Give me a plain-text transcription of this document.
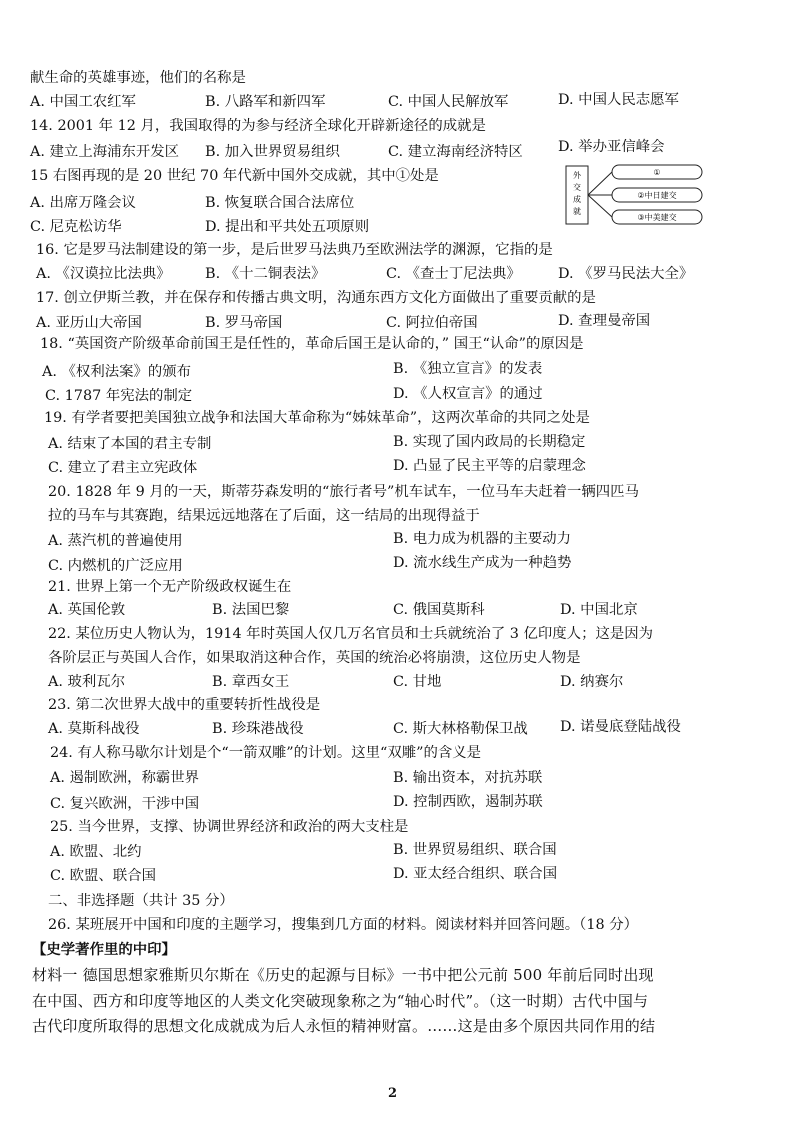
献生命的英雄事迹，他们的名称是
A. 中国工农红军	B. 八路军和新四军	C. 中国人民解放军	D. 中国人民志愿军
14. 2001 年 12 月，我国取得的为参与经济全球化开辟新途径的成就是
A. 建立上海浦东开发区 B. 加入世界贸易组织	C. 建立海南经济特区 D. 举办亚信峰会
15 右图再现的是 20 世纪 70 年代新中国外交成就，其中①处是
A. 出席万隆会议	B. 恢复联合国合法席位
C. 尼克松访华	D. 提出和平共处五项原则
外
交
成
就
①
②中日建交
③中美建交
16. 它是罗马法制建设的第一步，是后世罗马法典乃至欧洲法学的渊源，它指的是
A. 《汉谟拉比法典》 B. 《十二铜表法》	C. 《查士丁尼法典》	D. 《罗马民法大全》
17. 创立伊斯兰教，并在保存和传播古典文明，沟通东西方文化方面做出了重要贡献的是
A. 亚历山大帝国	B. 罗马帝国	C. 阿拉伯帝国	D. 查理曼帝国
18. “英国资产阶级革命前国王是任性的，革命后国王是认命的，” 国王“认命”的原因是
A. 《权利法案》的颁布	B. 《独立宣言》的发表
C. 1787 年宪法的制定	D. 《人权宣言》的通过
19. 有学者要把美国独立战争和法国大革命称为“姊妹革命”，这两次革命的共同之处是
A. 结束了本国的君主专制	B. 实现了国内政局的长期稳定
C. 建立了君主立宪政体	D. 凸显了民主平等的启蒙理念
20. 1828 年 9 月的一天，斯蒂芬森发明的“旅行者号”机车试车，一位马车夫赶着一辆四匹马
拉的马车与其赛跑，结果远远地落在了后面，这一结局的出现得益于
A. 蒸汽机的普遍使用	B. 电力成为机器的主要动力
C. 内燃机的广泛应用	D. 流水线生产成为一种趋势
21. 世界上第一个无产阶级政权诞生在
A. 英国伦敦	B. 法国巴黎	C. 俄国莫斯科	D. 中国北京
22. 某位历史人物认为，1914 年时英国人仅几万名官员和士兵就统治了 3 亿印度人；这是因为
各阶层正与英国人合作，如果取消这种合作，英国的统治必将崩溃，这位历史人物是
A. 玻利瓦尔	B. 章西女王	C. 甘地	D. 纳赛尔
23. 第二次世界大战中的重要转折性战役是
A. 莫斯科战役	B. 珍珠港战役	C. 斯大林格勒保卫战 D. 诺曼底登陆战役
24. 有人称马歇尔计划是个“一箭双雕”的计划。这里“双雕”的含义是
A. 遏制欧洲，称霸世界	B. 输出资本，对抗苏联
C. 复兴欧洲，干涉中国	D. 控制西欧，遏制苏联
25. 当今世界，支撑、协调世界经济和政治的两大支柱是
A. 欧盟、北约	B. 世界贸易组织、联合国
C. 欧盟、联合国	D. 亚太经合组织、联合国
二、非选择题（共计 35 分）
26. 某班展开中国和印度的主题学习，搜集到几方面的材料。阅读材料并回答问题。（18 分）
【史学著作里的中印】
材料一 德国思想家雅斯贝尔斯在《历史的起源与目标》一书中把公元前 500 年前后同时出现
在中国、西方和印度等地区的人类文化突破现象称之为“轴心时代”。（这一时期）古代中国与
古代印度所取得的思想文化成就成为后人永恒的精神财富。……这是由多个原因共同作用的结
2
